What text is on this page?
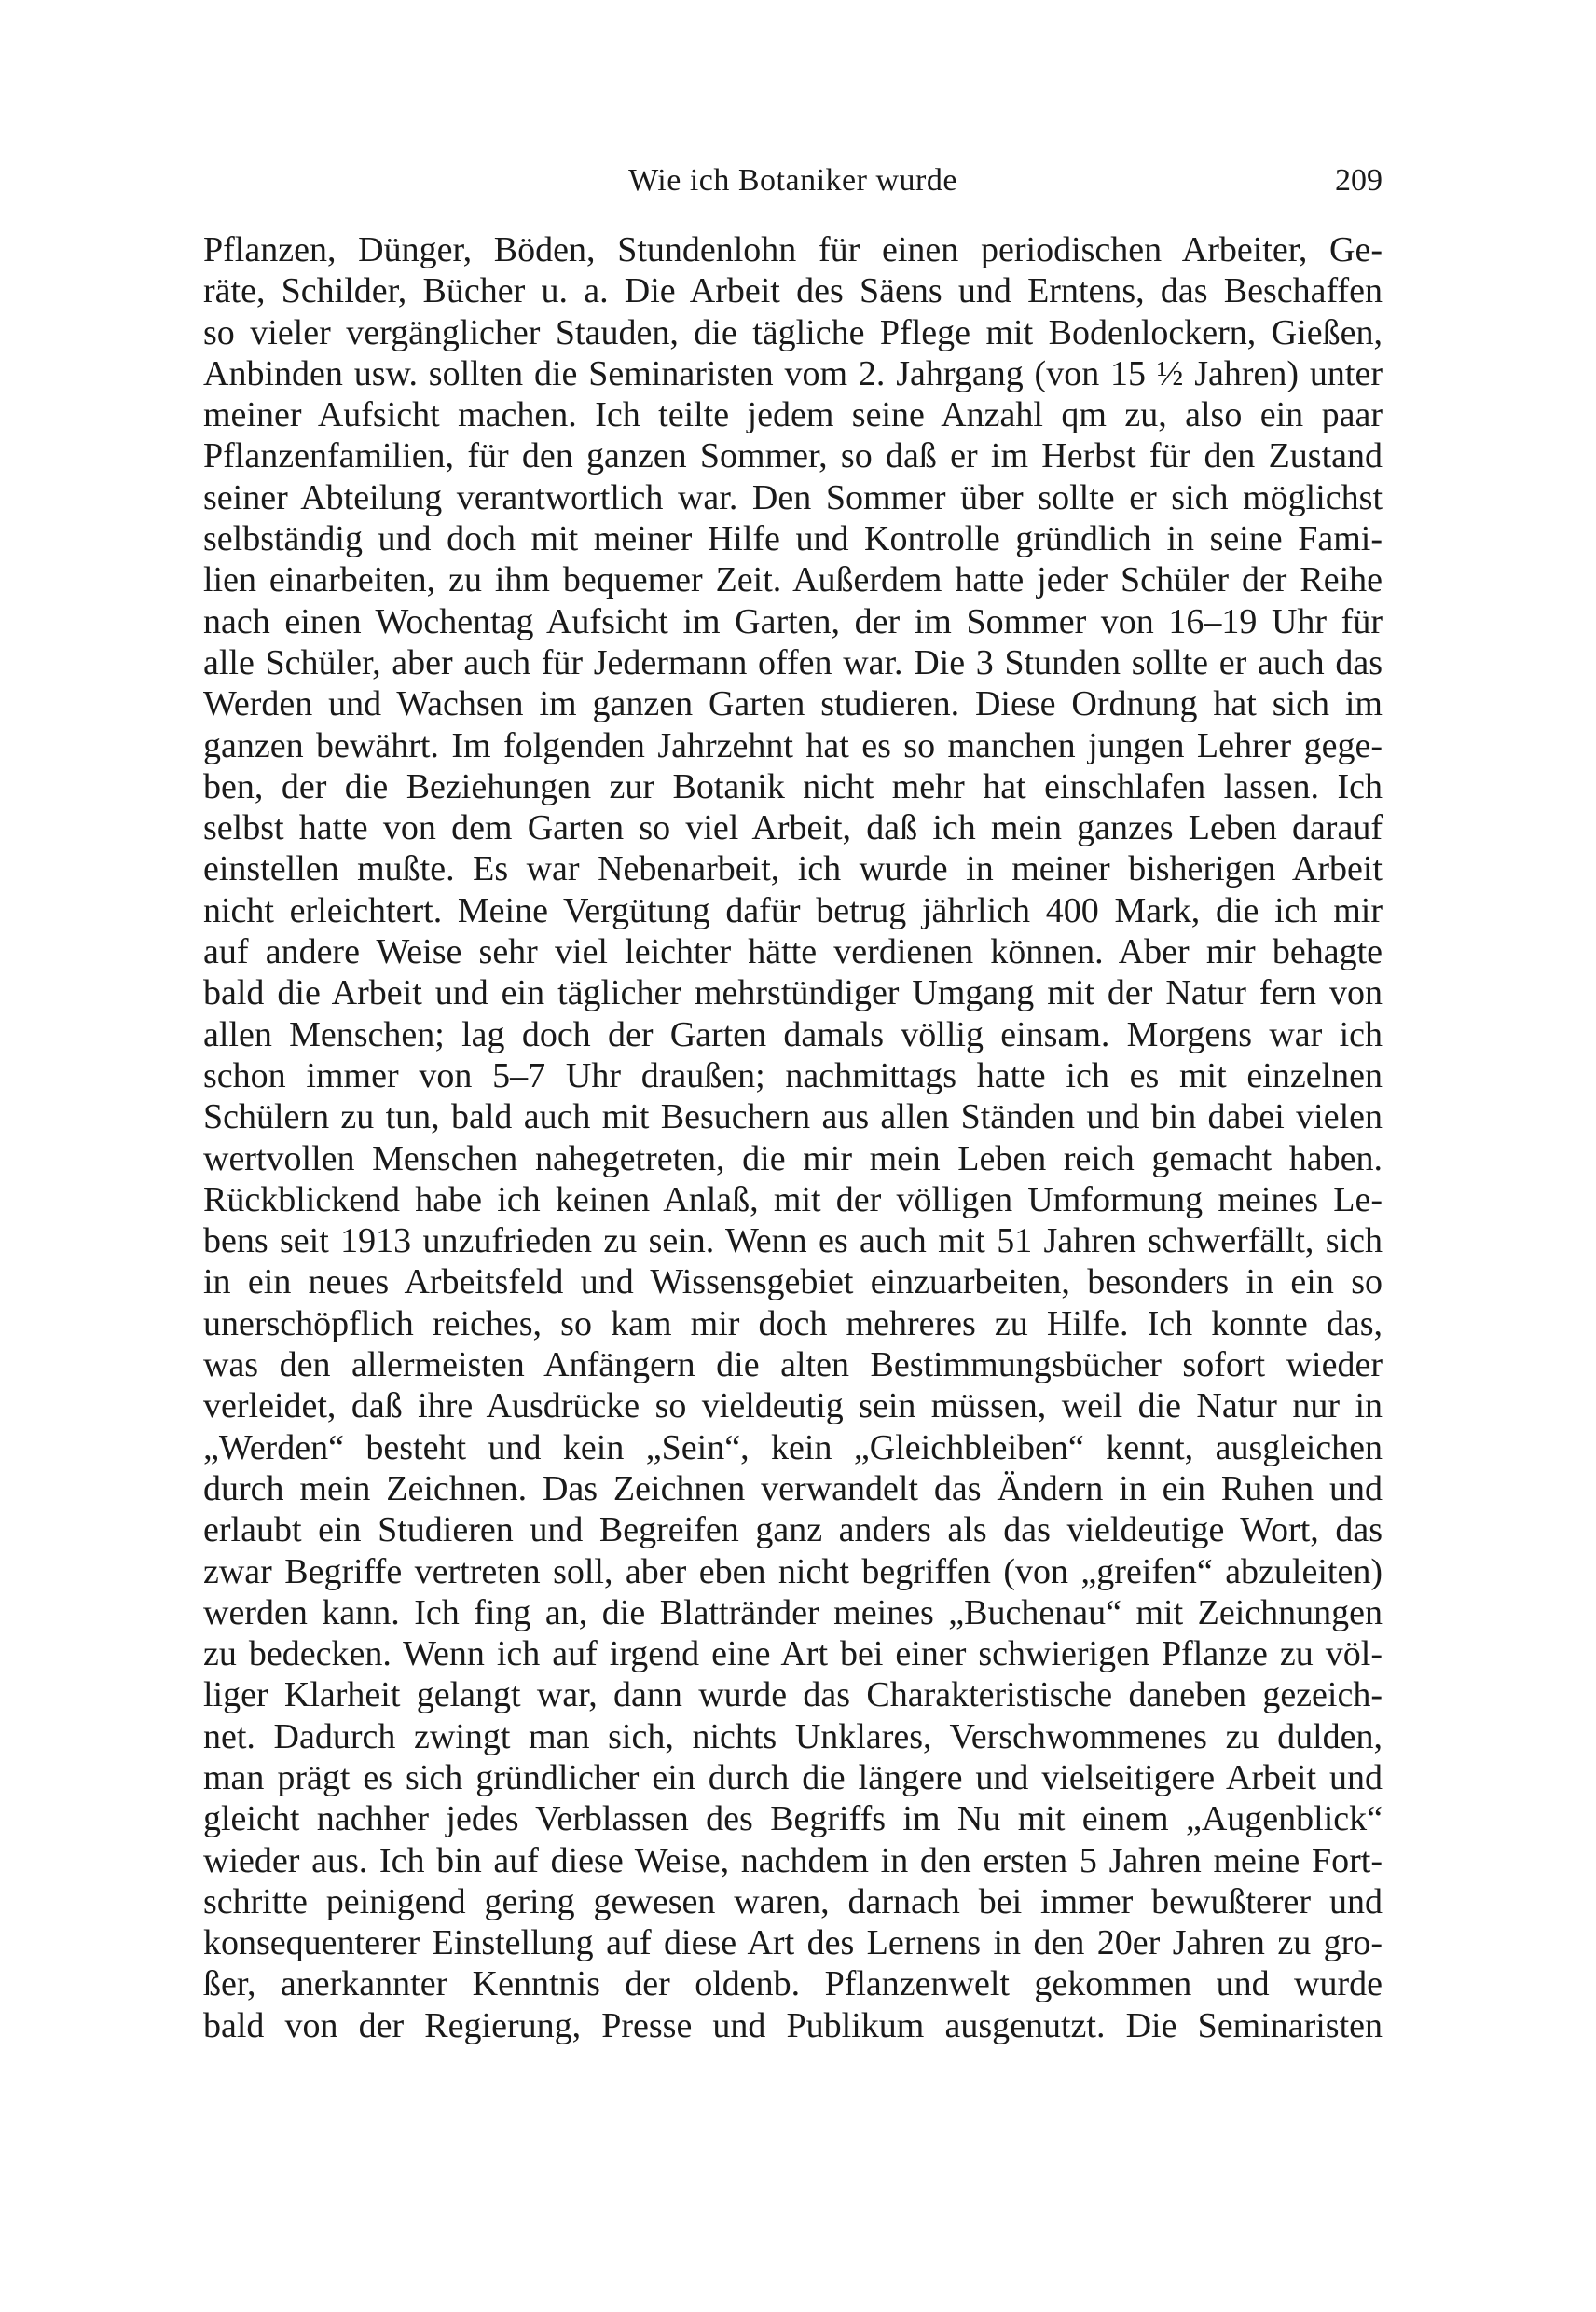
Wie ich Botaniker wurde	209
Pflanzen, Dünger, Böden, Stundenlohn für einen periodischen Arbeiter, Ge-
räte, Schilder, Bücher u. a. Die Arbeit des Säens und Erntens, das Beschaffen
so vieler vergänglicher Stauden, die tägliche Pflege mit Bodenlockern, Gießen,
Anbinden usw. sollten die Seminaristen vom 2. Jahrgang (von 15 ½ Jahren) unter
meiner Aufsicht machen. Ich teilte jedem seine Anzahl qm zu, also ein paar
Pflanzenfamilien, für den ganzen Sommer, so daß er im Herbst für den Zustand
seiner Abteilung verantwortlich war. Den Sommer über sollte er sich möglichst
selbständig und doch mit meiner Hilfe und Kontrolle gründlich in seine Fami-
lien einarbeiten, zu ihm bequemer Zeit. Außerdem hatte jeder Schüler der Reihe
nach einen Wochentag Aufsicht im Garten, der im Sommer von 16–19 Uhr für
alle Schüler, aber auch für Jedermann offen war. Die 3 Stunden sollte er auch das
Werden und Wachsen im ganzen Garten studieren. Diese Ordnung hat sich im
ganzen bewährt. Im folgenden Jahrzehnt hat es so manchen jungen Lehrer gege-
ben, der die Beziehungen zur Botanik nicht mehr hat einschlafen lassen. Ich
selbst hatte von dem Garten so viel Arbeit, daß ich mein ganzes Leben darauf
einstellen mußte. Es war Nebenarbeit, ich wurde in meiner bisherigen Arbeit
nicht erleichtert. Meine Vergütung dafür betrug jährlich 400 Mark, die ich mir
auf andere Weise sehr viel leichter hätte verdienen können. Aber mir behagte
bald die Arbeit und ein täglicher mehrstündiger Umgang mit der Natur fern von
allen Menschen; lag doch der Garten damals völlig einsam. Morgens war ich
schon immer von 5–7 Uhr draußen; nachmittags hatte ich es mit einzelnen
Schülern zu tun, bald auch mit Besuchern aus allen Ständen und bin dabei vielen
wertvollen Menschen nahegetreten, die mir mein Leben reich gemacht haben.
Rückblickend habe ich keinen Anlaß, mit der völligen Umformung meines Le-
bens seit 1913 unzufrieden zu sein. Wenn es auch mit 51 Jahren schwerfällt, sich
in ein neues Arbeitsfeld und Wissensgebiet einzuarbeiten, besonders in ein so
unerschöpflich reiches, so kam mir doch mehreres zu Hilfe. Ich konnte das,
was den allermeisten Anfängern die alten Bestimmungsbücher sofort wieder
verleidet, daß ihre Ausdrücke so vieldeutig sein müssen, weil die Natur nur in
„Werden“ besteht und kein „Sein“, kein „Gleichbleiben“ kennt, ausgleichen
durch mein Zeichnen. Das Zeichnen verwandelt das Ändern in ein Ruhen und
erlaubt ein Studieren und Begreifen ganz anders als das vieldeutige Wort, das
zwar Begriffe vertreten soll, aber eben nicht begriffen (von „greifen“ abzuleiten)
werden kann. Ich fing an, die Blattränder meines „Buchenau“ mit Zeichnungen
zu bedecken. Wenn ich auf irgend eine Art bei einer schwierigen Pflanze zu völ-
liger Klarheit gelangt war, dann wurde das Charakteristische daneben gezeich-
net. Dadurch zwingt man sich, nichts Unklares, Verschwommenes zu dulden,
man prägt es sich gründlicher ein durch die längere und vielseitigere Arbeit und
gleicht nachher jedes Verblassen des Begriffs im Nu mit einem „Augenblick“
wieder aus. Ich bin auf diese Weise, nachdem in den ersten 5 Jahren meine Fort-
schritte peinigend gering gewesen waren, darnach bei immer bewußterer und
konsequenterer Einstellung auf diese Art des Lernens in den 20er Jahren zu gro-
ßer, anerkannter Kenntnis der oldenb. Pflanzenwelt gekommen und wurde
bald von der Regierung, Presse und Publikum ausgenutzt. Die Seminaristen
